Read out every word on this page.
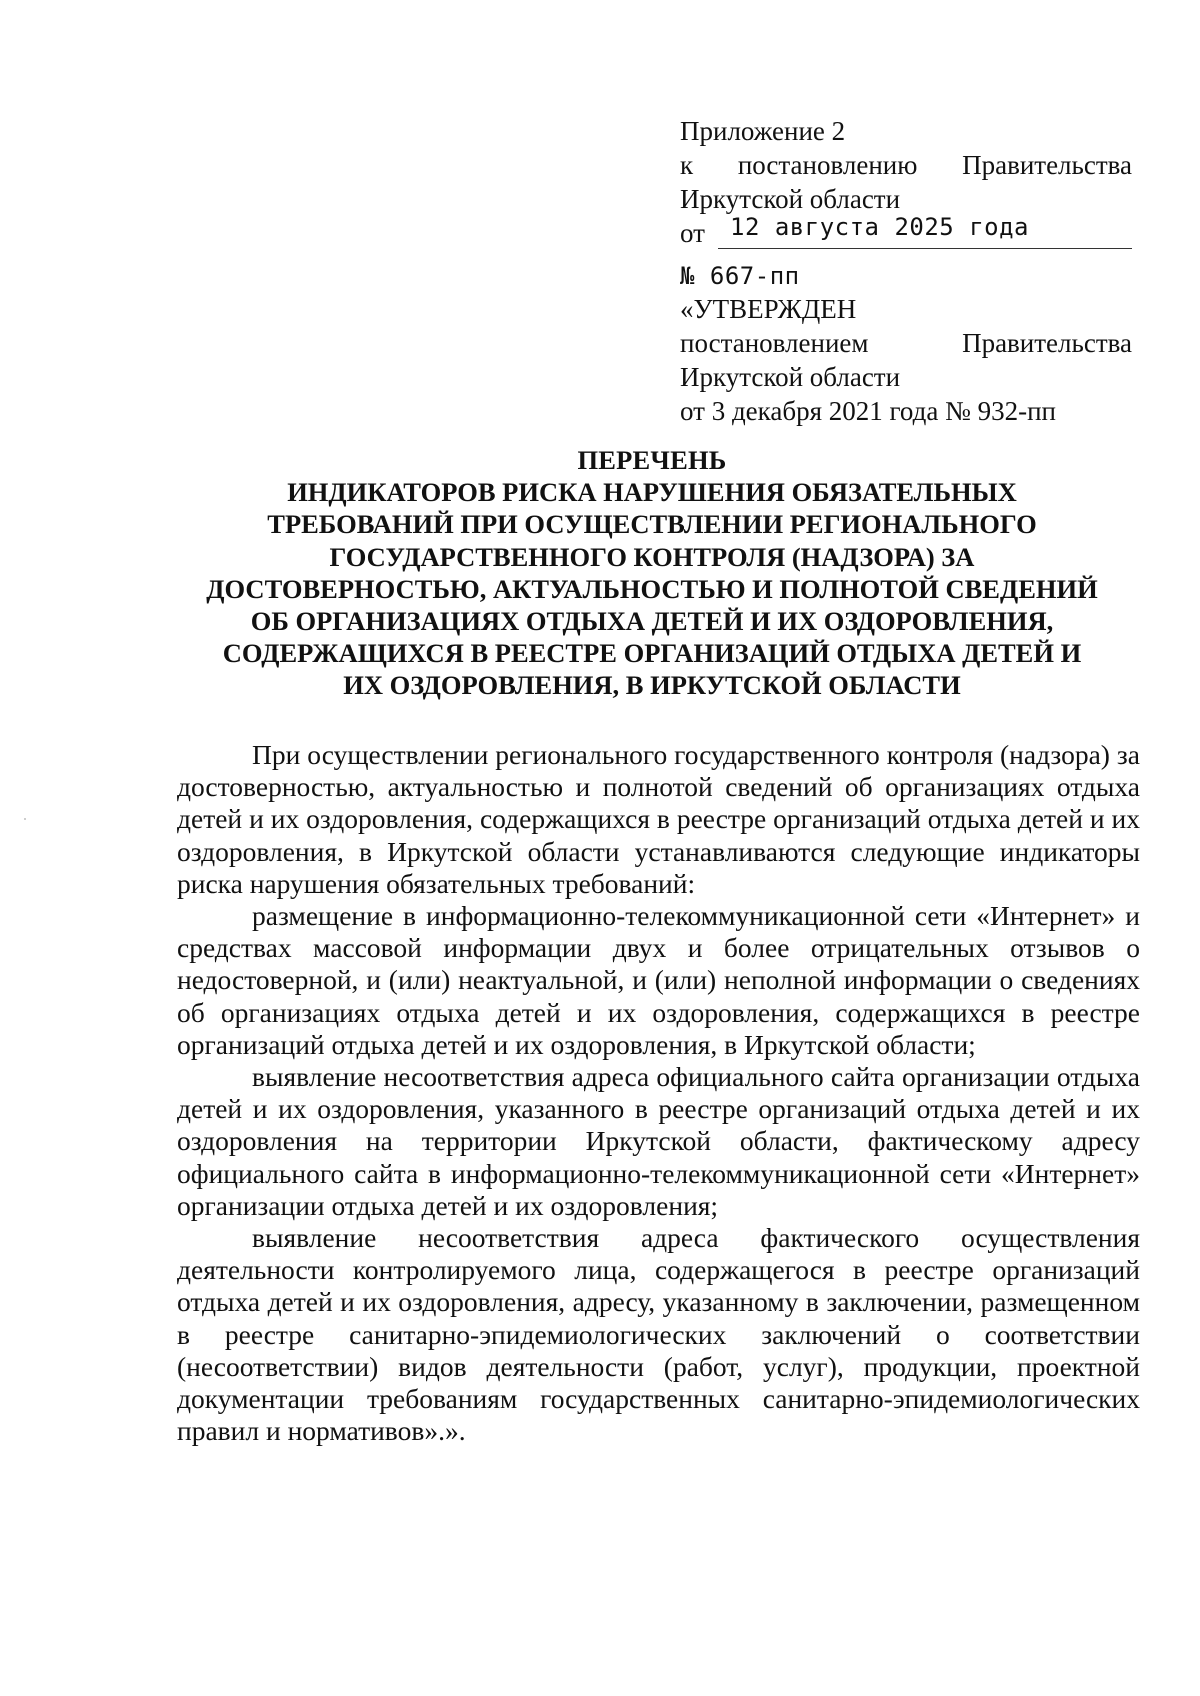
Приложение 2
к постановлению Правительства
Иркутской области
от 12 августа 2025 года
№ 667-пп
«УТВЕРЖДЕН
постановлением	Правительства
Иркутской области
от 3 декабря 2021 года № 932-пп
ПЕРЕЧЕНЬ
ИНДИКАТОРОВ РИСКА НАРУШЕНИЯ ОБЯЗАТЕЛЬНЫХ
ТРЕБОВАНИЙ ПРИ ОСУЩЕСТВЛЕНИИ РЕГИОНАЛЬНОГО
ГОСУДАРСТВЕННОГО КОНТРОЛЯ (НАДЗОРА) ЗА
ДОСТОВЕРНОСТЬЮ, АКТУАЛЬНОСТЬЮ И ПОЛНОТОЙ СВЕДЕНИЙ
ОБ ОРГАНИЗАЦИЯХ ОТДЫХА ДЕТЕЙ И ИХ ОЗДОРОВЛЕНИЯ,
СОДЕРЖАЩИХСЯ В РЕЕСТРЕ ОРГАНИЗАЦИЙ ОТДЫХА ДЕТЕЙ И
ИХ ОЗДОРОВЛЕНИЯ, В ИРКУТСКОЙ ОБЛАСТИ

При осуществлении регионального государственного контроля (надзора) за достоверностью, актуальностью и полнотой сведений об организациях отдыха детей и их оздоровления, содержащихся в реестре организаций отдыха детей и их оздоровления, в Иркутской области устанавливаются следующие индикаторы риска нарушения обязательных требований:

размещение в информационно-телекоммуникационной сети «Интернет» и средствах массовой информации двух и более отрицательных отзывов о недостоверной, и (или) неактуальной, и (или) неполной информации о сведениях об организациях отдыха детей и их оздоровления, содержащихся в реестре организаций отдыха детей и их оздоровления, в Иркутской области;

выявление несоответствия адреса официального сайта организации отдыха детей и их оздоровления, указанного в реестре организаций отдыха детей и их оздоровления на территории Иркутской области, фактическому адресу официального сайта в информационно-телекоммуникационной сети «Интернет» организации отдыха детей и их оздоровления;

выявление несоответствия адреса фактического осуществления деятельности контролируемого лица, содержащегося в реестре организаций отдыха детей и их оздоровления, адресу, указанному в заключении, размещенном в реестре санитарно-эпидемиологических заключений о соответствии (несоответствии) видов деятельности (работ, услуг), продукции, проектной документации требованиям государственных санитарно-эпидемиологических правил и нормативов».».
